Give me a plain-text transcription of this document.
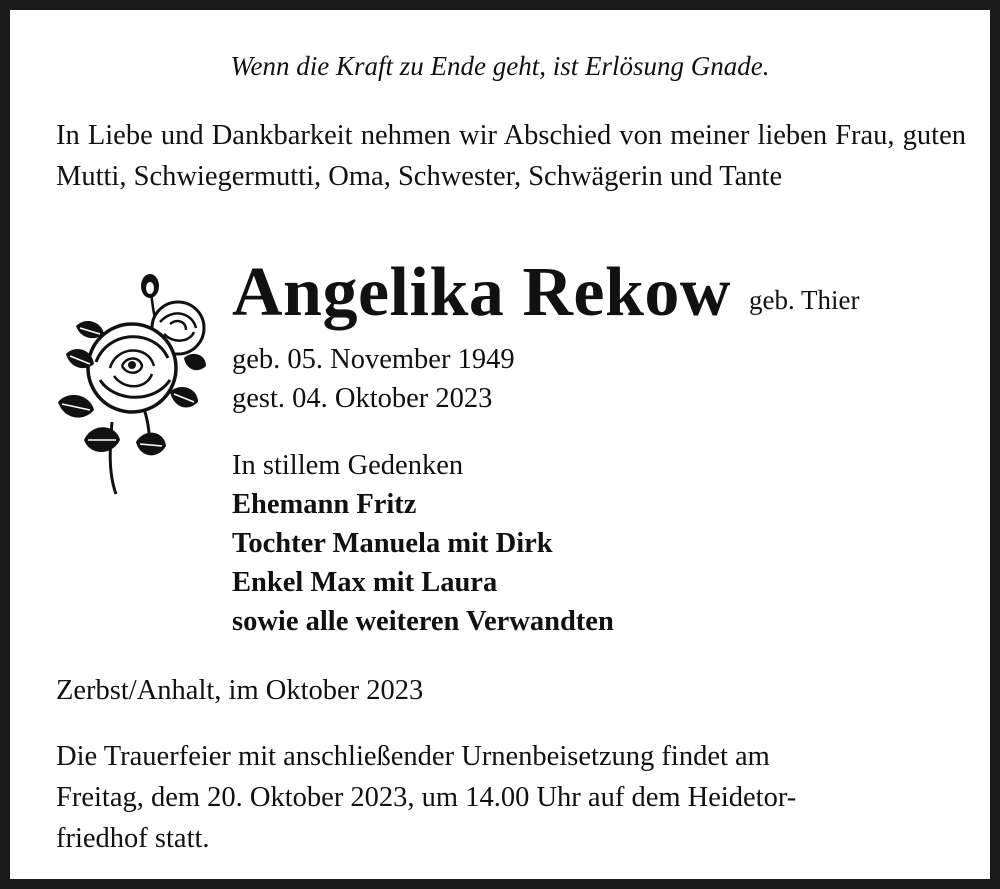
Wenn die Kraft zu Ende geht, ist Erlösung Gnade.
In Liebe und Dankbarkeit nehmen wir Abschied von meiner lieben Frau, guten Mutti, Schwiegermutti, Oma, Schwester, Schwägerin und Tante
Angelika Rekow geb. Thier
geb. 05. November 1949
gest. 04. Oktober 2023
In stillem Gedenken
Ehemann Fritz
Tochter Manuela mit Dirk
Enkel Max mit Laura
sowie alle weiteren Verwandten
Zerbst/Anhalt, im Oktober 2023
Die Trauerfeier mit anschließender Urnenbeisetzung findet am
Freitag, dem 20. Oktober 2023, um 14.00 Uhr auf dem Heidetor-
friedhof statt.
